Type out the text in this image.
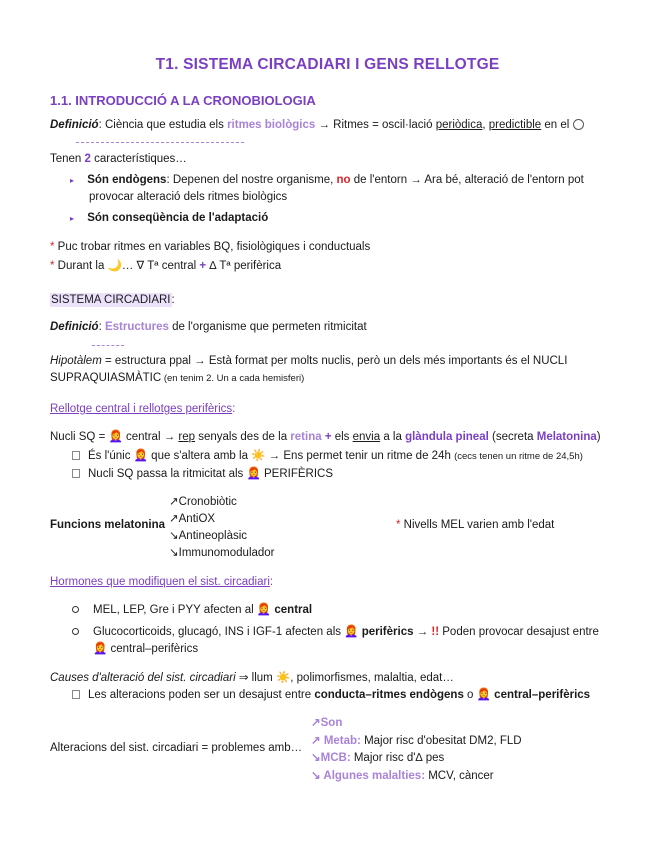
T1. SISTEMA CIRCADIARI I GENS RELLOTGE
1.1. INTRODUCCIÓ A LA CRONOBIOLOGIA
Definició: Ciència que estudia els ritmes biològics → Ritmes = oscil·lació periòdica, predictible en el
Tenen 2 característiques…
▸ Són endògens: Depenen del nostre organisme, no de l'entorn → Ara bé, alteració de l'entorn pot
provocar alteració dels ritmes biològics
▸ Són conseqüència de l'adaptació
* Puc trobar ritmes en variables BQ, fisiològiques i conductuals
* Durant la 🌙… ∇ Tª central + ∆ Tª perifèrica
SISTEMA CIRCADIARI:
Definició: Estructures de l'organisme que permeten ritmicitat
Hipotàlem = estructura ppal → Està format per molts nuclis, però un dels més importants és el NUCLI
SUPRAQUIASMÀTIC (en tenim 2. Un a cada hemisferi)
Rellotge central i rellotges perifèrics:
Nucli SQ = 👩‍🦰 central → rep senyals des de la retina + els envia a la glàndula pineal (secreta Melatonina)
És l'únic 👩‍🦰 que s'altera amb la ☀️ → Ens permet tenir un ritme de 24h (cecs tenen un ritme de 24,5h)
Nucli SQ passa la ritmicitat als 👩‍🦰 PERIFÈRICS
Funcions melatonina
↗Cronobiòtic
↗AntiOX
↘Antineoplàsic
↘Immunomodulador
* Nivells MEL varien amb l'edat
Hormones que modifiquen el sist. circadiari:
MEL, LEP, Gre i PYY afecten al 👩‍🦰 central
Glucocorticoids, glucagó, INS i IGF-1 afecten als 👩‍🦰 perifèrics → !! Poden provocar desajust entre
👩‍🦰 central–perifèrics
Causes d'alteració del sist. circadiari ⇒ llum ☀️, polimorfismes, malaltia, edat…
Les alteracions poden ser un desajust entre conducta–ritmes endògens o 👩‍🦰 central–perifèrics
Alteracions del sist. circadiari = problemes amb…
↗Son
↗ Metab: Major risc d'obesitat DM2, FLD
↘MCB: Major risc d'∆ pes
↘ Algunes malalties: MCV, càncer
